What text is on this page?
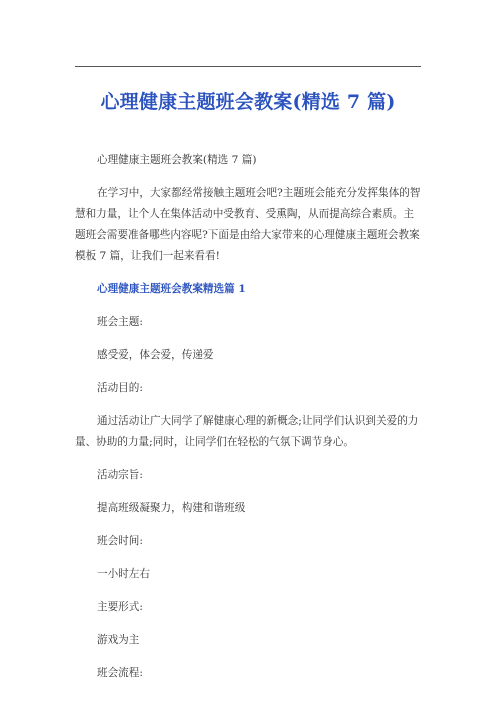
心理健康主题班会教案(精选 7 篇)

心理健康主题班会教案(精选 7 篇)

在学习中，大家都经常接触主题班会吧?主题班会能充分发挥集体的智慧和力量，让个人在集体活动中受教育、受熏陶，从而提高综合素质。主题班会需要准备哪些内容呢?下面是由给大家带来的心理健康主题班会教案模板 7 篇，让我们一起来看看!

心理健康主题班会教案精选篇 1

班会主题:

感受爱，体会爱，传递爱

活动目的:

通过活动让广大同学了解健康心理的新概念;让同学们认识到关爱的力量、协助的力量;同时，让同学们在轻松的气氛下调节身心。

活动宗旨:

提高班级凝聚力，构建和谐班级

班会时间:

一小时左右

主要形式:

游戏为主

班会流程:
